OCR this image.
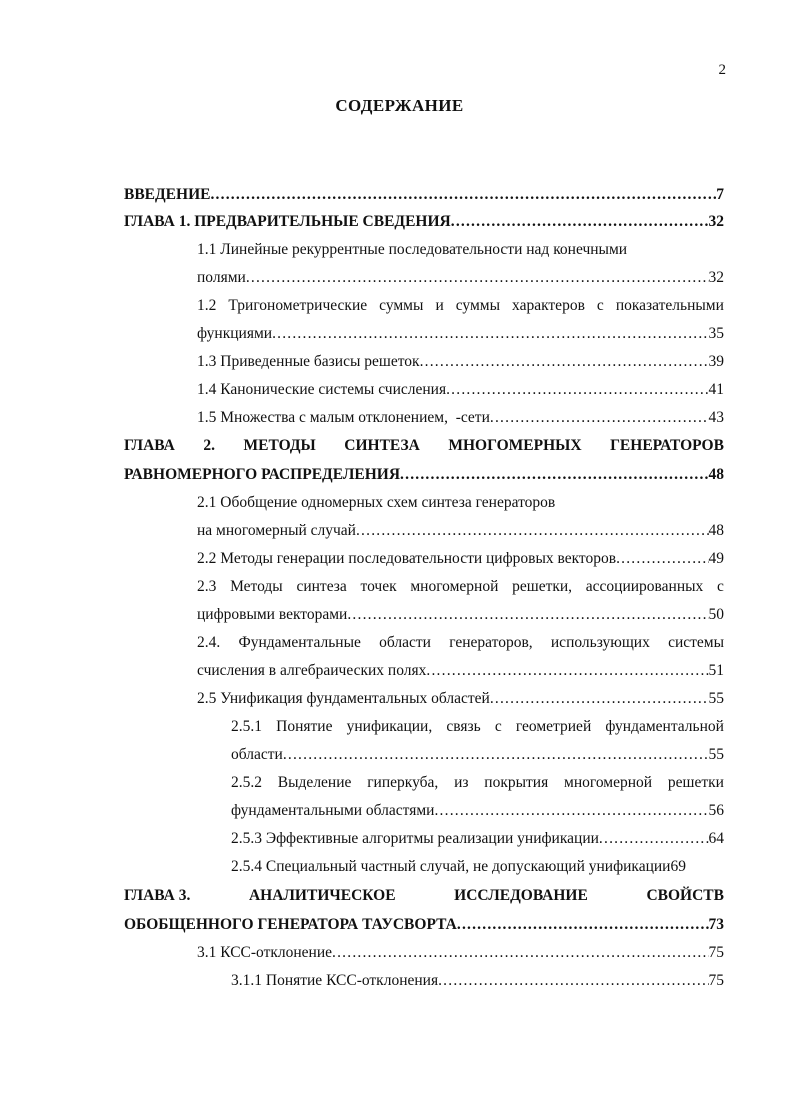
2
СОДЕРЖАНИЕ
ВВЕДЕНИЕ .....	7
ГЛАВА 1. ПРЕДВАРИТЕЛЬНЫЕ СВЕДЕНИЯ .....	32
1.1 Линейные рекуррентные последовательности над конечными
полями .....	32
1.2 Тригонометрические суммы и суммы характеров с показательными
функциями .....	35
1.3 Приведенные базисы решеток .....	39
1.4 Канонические системы счисления .....	41
1.5 Множества с малым отклонением,  -сети .....	43
ГЛАВА 2. МЕТОДЫ СИНТЕЗА МНОГОМЕРНЫХ ГЕНЕРАТОРОВ
РАВНОМЕРНОГО РАСПРЕДЕЛЕНИЯ .....	48
2.1 Обобщение одномерных схем синтеза генераторов
на многомерный случай .....	48
2.2 Методы генерации последовательности цифровых векторов .....	49
2.3 Методы синтеза точек многомерной решетки, ассоциированных с
цифровыми векторами .....	50
2.4. Фундаментальные области генераторов, использующих системы
счисления в алгебраических полях .....	51
2.5 Унификация фундаментальных областей .....	55
2.5.1 Понятие унификации, связь с геометрией фундаментальной
области .....	55
2.5.2 Выделение гиперкуба, из покрытия многомерной решетки
фундаментальными областями .....	56
2.5.3 Эффективные алгоритмы реализации унификации .....	64
2.5.4 Специальный частный случай, не допускающий унификации 69
ГЛАВА 3.	АНАЛИТИЧЕСКОЕ	ИССЛЕДОВАНИЕ	СВОЙСТВ
ОБОБЩЕННОГО ГЕНЕРАТОРА ТАУСВОРТА .....	73
3.1 КСС-отклонение .....	75
3.1.1 Понятие КСС-отклонения .....	75
